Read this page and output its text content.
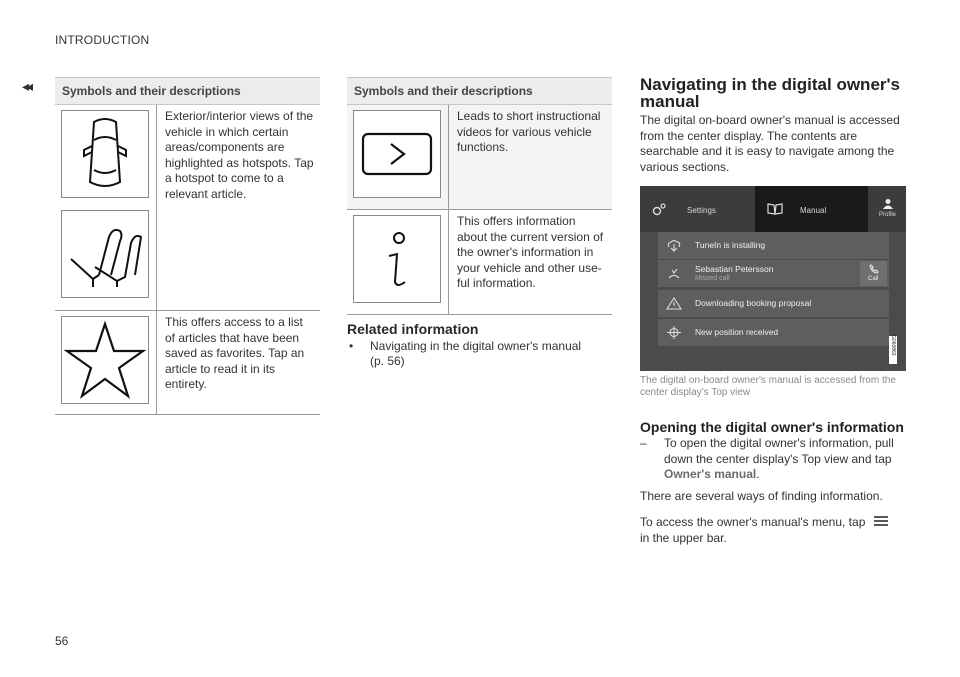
INTRODUCTION
◂◂	Symbols and their descriptions
Exterior/interior views of the vehicle in which certain areas/components are highlighted as hotspots. Tap a hotspot to come to a relevant article.
This offers access to a list of articles that have been saved as favorites. Tap an article to read it in its entirety.
Symbols and their descriptions
Leads to short instructional videos for various vehicle functions.
This offers information about the current version of the owner's information in your vehicle and other use-ful information.
Related information
• Navigating in the digital owner's manual (p. 56)
Navigating in the digital owner's manual
The digital on-board owner's manual is accessed from the center display. The contents are searchable and it is easy to navigate among the various sections.
Settings	Manual	Profile
TuneIn is installing
Sebastian Petersson
Missed call	Call
Downloading booking proposal
New position received
G060863
The digital on-board owner's manual is accessed from the center display's Top view
Opening the digital owner's information
– To open the digital owner's information, pull down the center display's Top view and tap Owner's manual.
There are several ways of finding information.
To access the owner's manual's menu, tap
in the upper bar.
56
